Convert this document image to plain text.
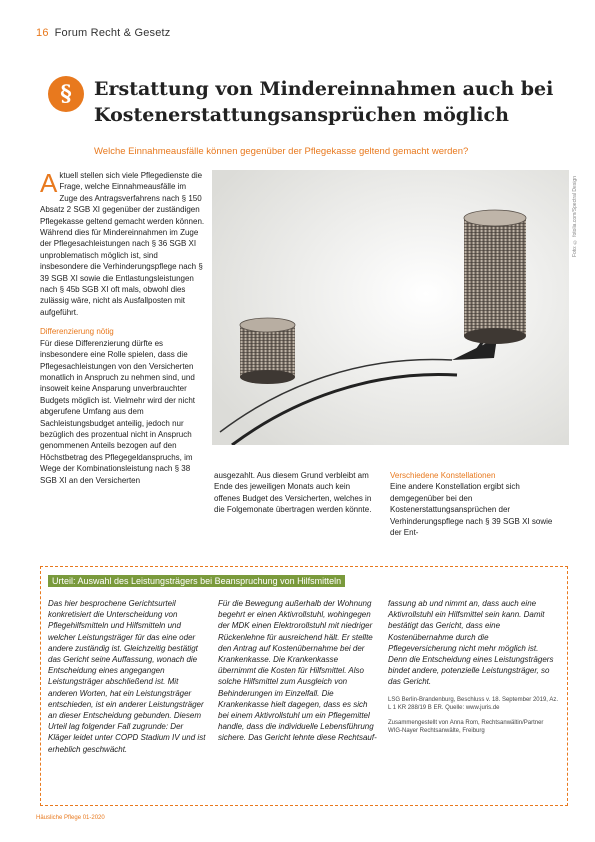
16 Forum Recht & Gesetz
§	Erstattung von Mindereinnahmen auch bei Kostenerstattungsansprüchen möglich
Welche Einnahmeausfälle können gegenüber der Pflegekasse geltend gemacht werden?

Aktuell stellen sich viele Pflegedienste die Frage, welche Einnahmeausfälle im Zuge des Antragsverfahrens nach § 150 Absatz 2 SGB XI gegenüber der zuständigen Pflegekasse geltend gemacht werden können. Während dies für Mindereinnahmen im Zuge der Pflegesachleistungen nach § 36 SGB XI unproblematisch möglich ist, sind insbesondere die Verhinderungspflege nach § 39 SGB XI sowie die Entlastungsleistungen nach § 45b SGB XI oft mals, obwohl dies zulässig wäre, nicht als Ausfallposten mit aufgeführt.

Differenzierung nötig

Für diese Differenzierung dürfte es insbesondere eine Rolle spielen, dass die Pflegesachleistungen von den Versicherten monatlich in Anspruch zu nehmen sind, und insoweit keine Ansparung unverbrauchter Budgets möglich ist. Vielmehr wird der nicht abgerufene Umfang aus dem Sachleistungsbudget anteilig, jedoch nur bezüglich des prozentual nicht in Anspruch genommenen Anteils bezogen auf den Höchstbetrag des Pflegegeldanspruchs, im Wege der Kombinationsleistung nach § 38 SGB XI an den Versicherten

Foto: © fotolia.com/Spectral Design

ausgezahlt. Aus diesem Grund verbleibt am Ende des jeweiligen Monats auch kein offenes Budget des Versicherten, welches in die Folgemonate übertragen werden könnte.

Verschiedene Konstellationen

Eine andere Konstellation ergibt sich demgegenüber bei den Kostenerstattungsansprüchen der Verhinderungspflege nach § 39 SGB XI sowie der Ent-

Urteil: Auswahl des Leistungsträgers bei Beanspruchung von Hilfsmitteln

Das hier besprochene Gerichtsurteil konkretisiert die Unterscheidung von Pflegehilfsmitteln und Hilfsmitteln und welcher Leistungsträger für das eine oder andere zuständig ist. Gleichzeitig bestätigt das Gericht seine Auffassung, wonach die Entscheidung eines angegangen Leistungsträger abschließend ist. Mit anderen Worten, hat ein Leistungsträger entschieden, ist ein anderer Leistungsträger an dieser Entscheidung gebunden. Diesem Urteil lag folgender Fall zugrunde: Der Kläger leidet unter COPD Stadium IV und ist erheblich geschwächt.

Für die Bewegung außerhalb der Wohnung begehrt er einen Aktivrollstuhl, wohingegen der MDK einen Elektrorollstuhl mit niedriger Rückenlehne für ausreichend hält. Er stellte den Antrag auf Kostenübernahme bei der Krankenkasse. Die Krankenkasse übernimmt die Kosten für Hilfsmittel. Also solche Hilfsmittel zum Ausgleich von Behinderungen im Einzelfall. Die Krankenkasse hielt dagegen, dass es sich bei einem Aktivrollstuhl um ein Pflegemittel handle, dass die individuelle Lebensführung sichere. Das Gericht lehnte diese Rechtsauf-

fassung ab und nimmt an, dass auch eine Aktivrollstuhl ein Hilfsmittel sein kann. Damit bestätigt das Gericht, dass eine Kostenübernahme durch die Pflegeversicherung nicht mehr möglich ist. Denn die Entscheidung eines Leistungsträgers bindet andere, potenzielle Leistungsträger, so das Gericht.

LSG Berlin-Brandenburg, Beschluss v. 18. September 2019, Az. L 1 KR 288/19 B ER. Quelle: www.juris.de

Zusammengestellt von Anna Rom, Rechtsanwältin/Partner WIG-Nayer Rechtsanwälte, Freiburg

Häusliche Pflege 01-2020
